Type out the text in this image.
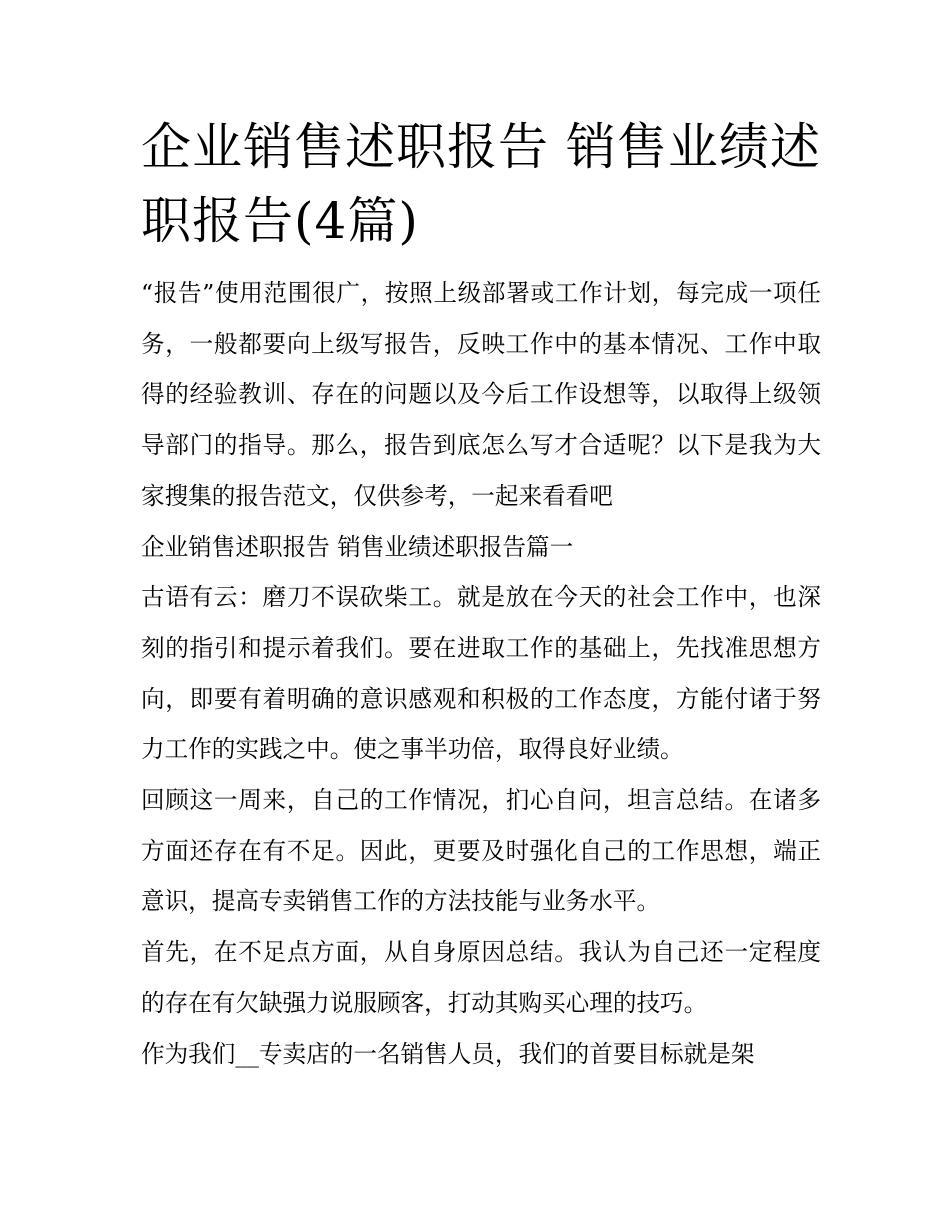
企业销售述职报告 销售业绩述职报告(4篇)

“报告”使用范围很广，按照上级部署或工作计划，每完成一项任务，一般都要向上级写报告，反映工作中的基本情况、工作中取得的经验教训、存在的问题以及今后工作设想等，以取得上级领导部门的指导。那么，报告到底怎么写才合适呢？以下是我为大家搜集的报告范文，仅供参考，一起来看看吧

企业销售述职报告 销售业绩述职报告篇一

古语有云：磨刀不误砍柴工。就是放在今天的社会工作中，也深刻的指引和提示着我们。要在进取工作的基础上，先找准思想方向，即要有着明确的意识感观和积极的工作态度，方能付诸于努力工作的实践之中。使之事半功倍，取得良好业绩。

回顾这一周来，自己的工作情况，扪心自问，坦言总结。在诸多方面还存在有不足。因此，更要及时强化自己的工作思想，端正意识，提高专卖销售工作的方法技能与业务水平。

首先，在不足点方面，从自身原因总结。我认为自己还一定程度的存在有欠缺强力说服顾客，打动其购买心理的技巧。

作为我们__专卖店的一名销售人员，我们的首要目标就是架
